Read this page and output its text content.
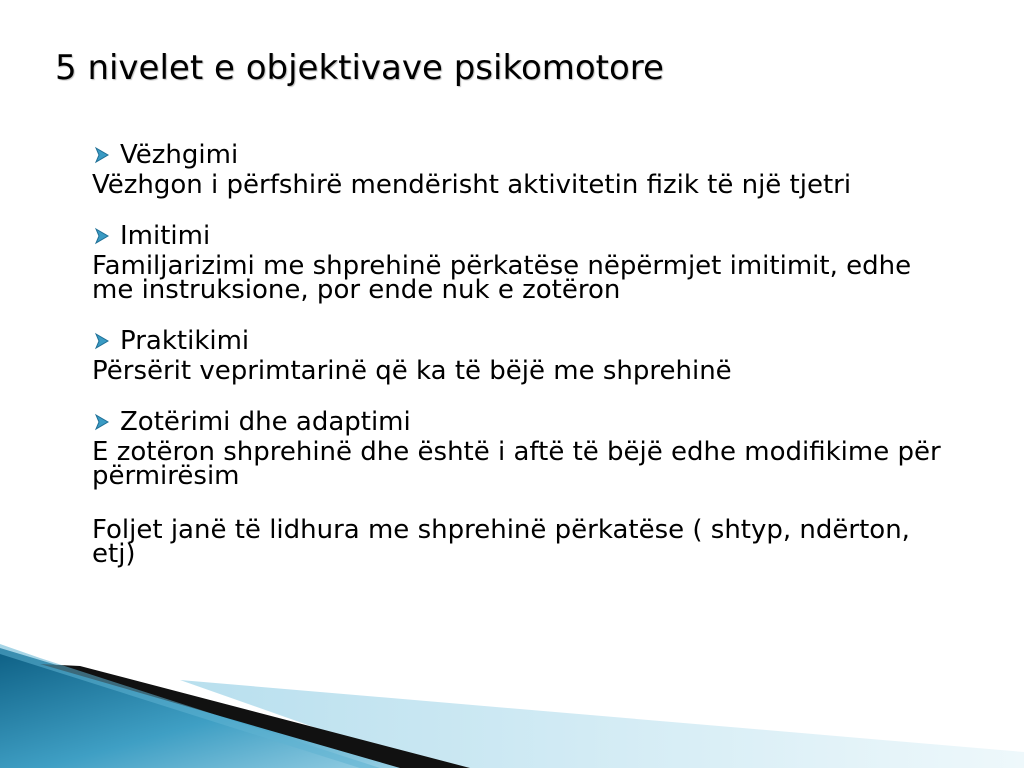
5 nivelet e objektivave psikomotore
Vëzhgimi

Vëzhgon i përfshirë mendërisht aktivitetin fizik të një tjetri

Imitimi

Familjarizimi me shprehinë përkatëse nëpërmjet imitimit, edhe me instruksione, por ende nuk e zotëron

Praktikimi

Përsërit veprimtarinë që ka të bëjë me shprehinë

Zotërimi dhe adaptimi

E zotëron shprehinë dhe është i aftë të bëjë edhe modifikime për përmirësim

Foljet janë të lidhura me shprehinë përkatëse ( shtyp, ndërton, etj)
